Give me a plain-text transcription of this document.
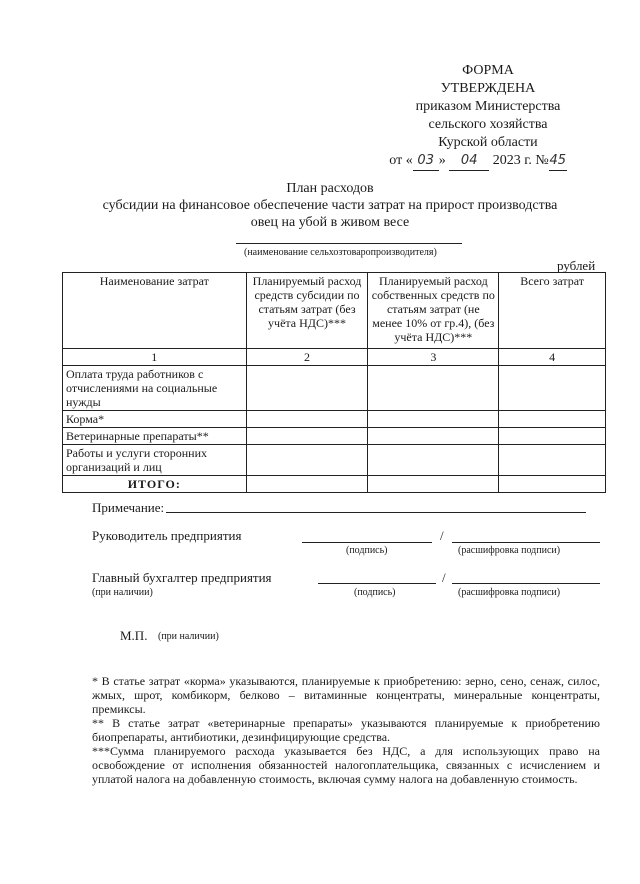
ФОРМА
УТВЕРЖДЕНА
приказом Министерства
сельского хозяйства
Курской области
от « 03 » 04 2023 г. №45
План расходов
субсидии на финансовое обеспечение части затрат на прирост производства
овец на убой в живом весе
(наименование сельхозтоваропроизводителя)
рублей
Наименование затрат	Планируемый расход средств субсидии по статьям затрат (без учёта НДС)***	Планируемый расход собственных средств по статьям затрат (не менее 10% от гр.4), (без учёта НДС)***	Всего затрат
1	2	3	4
Оплата труда работников с отчислениями на социальные нужды			
Корма*			
Ветеринарные препараты**			
Работы и услуги сторонних организаций и лиц			
ИТОГО:			
Примечание:
Руководитель предприятия	/
(подпись)	(расшифровка подписи)
Главный бухгалтер предприятия
(при наличии)
/
(подпись)	(расшифровка подписи)
М.П. (при наличии)

* В статье затрат «корма» указываются, планируемые к приобретению: зерно, сено, сенаж, силос, жмых, шрот, комбикорм, белково – витаминные концентраты, минеральные концентраты, премиксы.

** В статье затрат «ветеринарные препараты» указываются планируемые к приобретению биопрепараты, антибиотики, дезинфицирующие средства.

***Сумма планируемого расхода указывается без НДС, а для использующих право на освобождение от исполнения обязанностей налогоплательщика, связанных с исчислением и уплатой налога на добавленную стоимость, включая сумму налога на добавленную стоимость.
